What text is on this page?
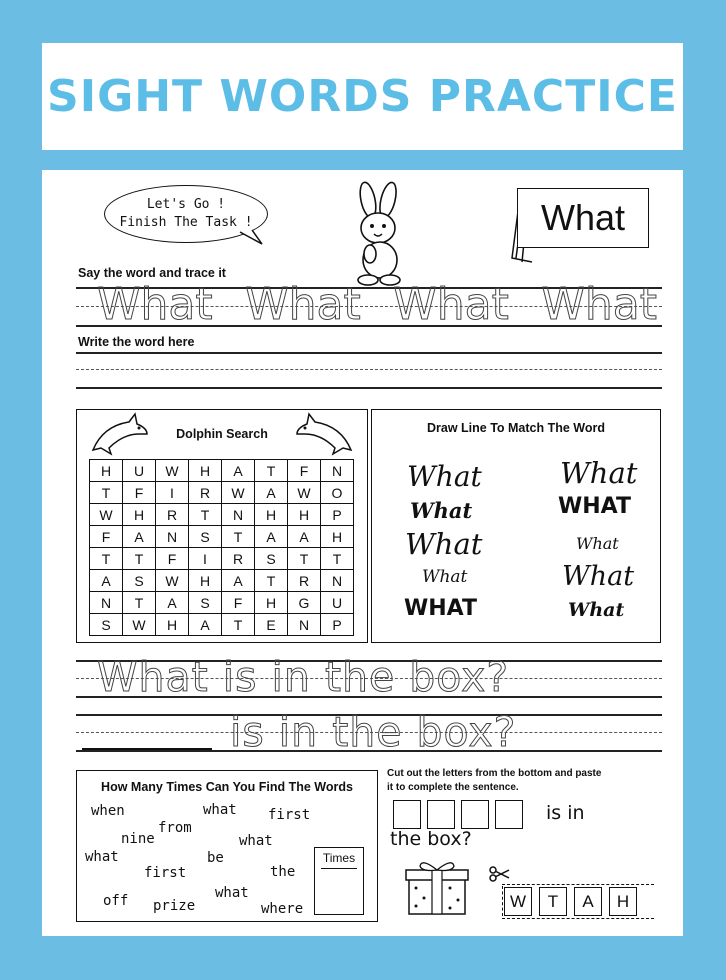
SIGHT WORDS PRACTICE
Let's Go !
Finish The Task !	What
Say the word and trace it
What What What What
Write the word here
Dolphin Search
H	U	W	H	A	T	F	N
T	F	I	R	W	A	W	O
W	H	R	T	N	H	H	P
F	A	N	S	T	A	A	H
T	T	F	I	R	S	T	T
A	S	W	H	A	T	R	N
N	T	A	S	F	H	G	U
S	W	H	A	T	E	N	P
Draw Line To Match The Word
What
What
What
What
WHAT
What
WHAT
What
What
What
What is in the box?
is in the box?
How Many Times Can You Find The Words
when	what first
nine
from
what
what	be
first	the
off prize
what
where
Times
Cut out the letters from the bottom and paste
it to complete the sentence.
is in
the box?
W	T	A	H
